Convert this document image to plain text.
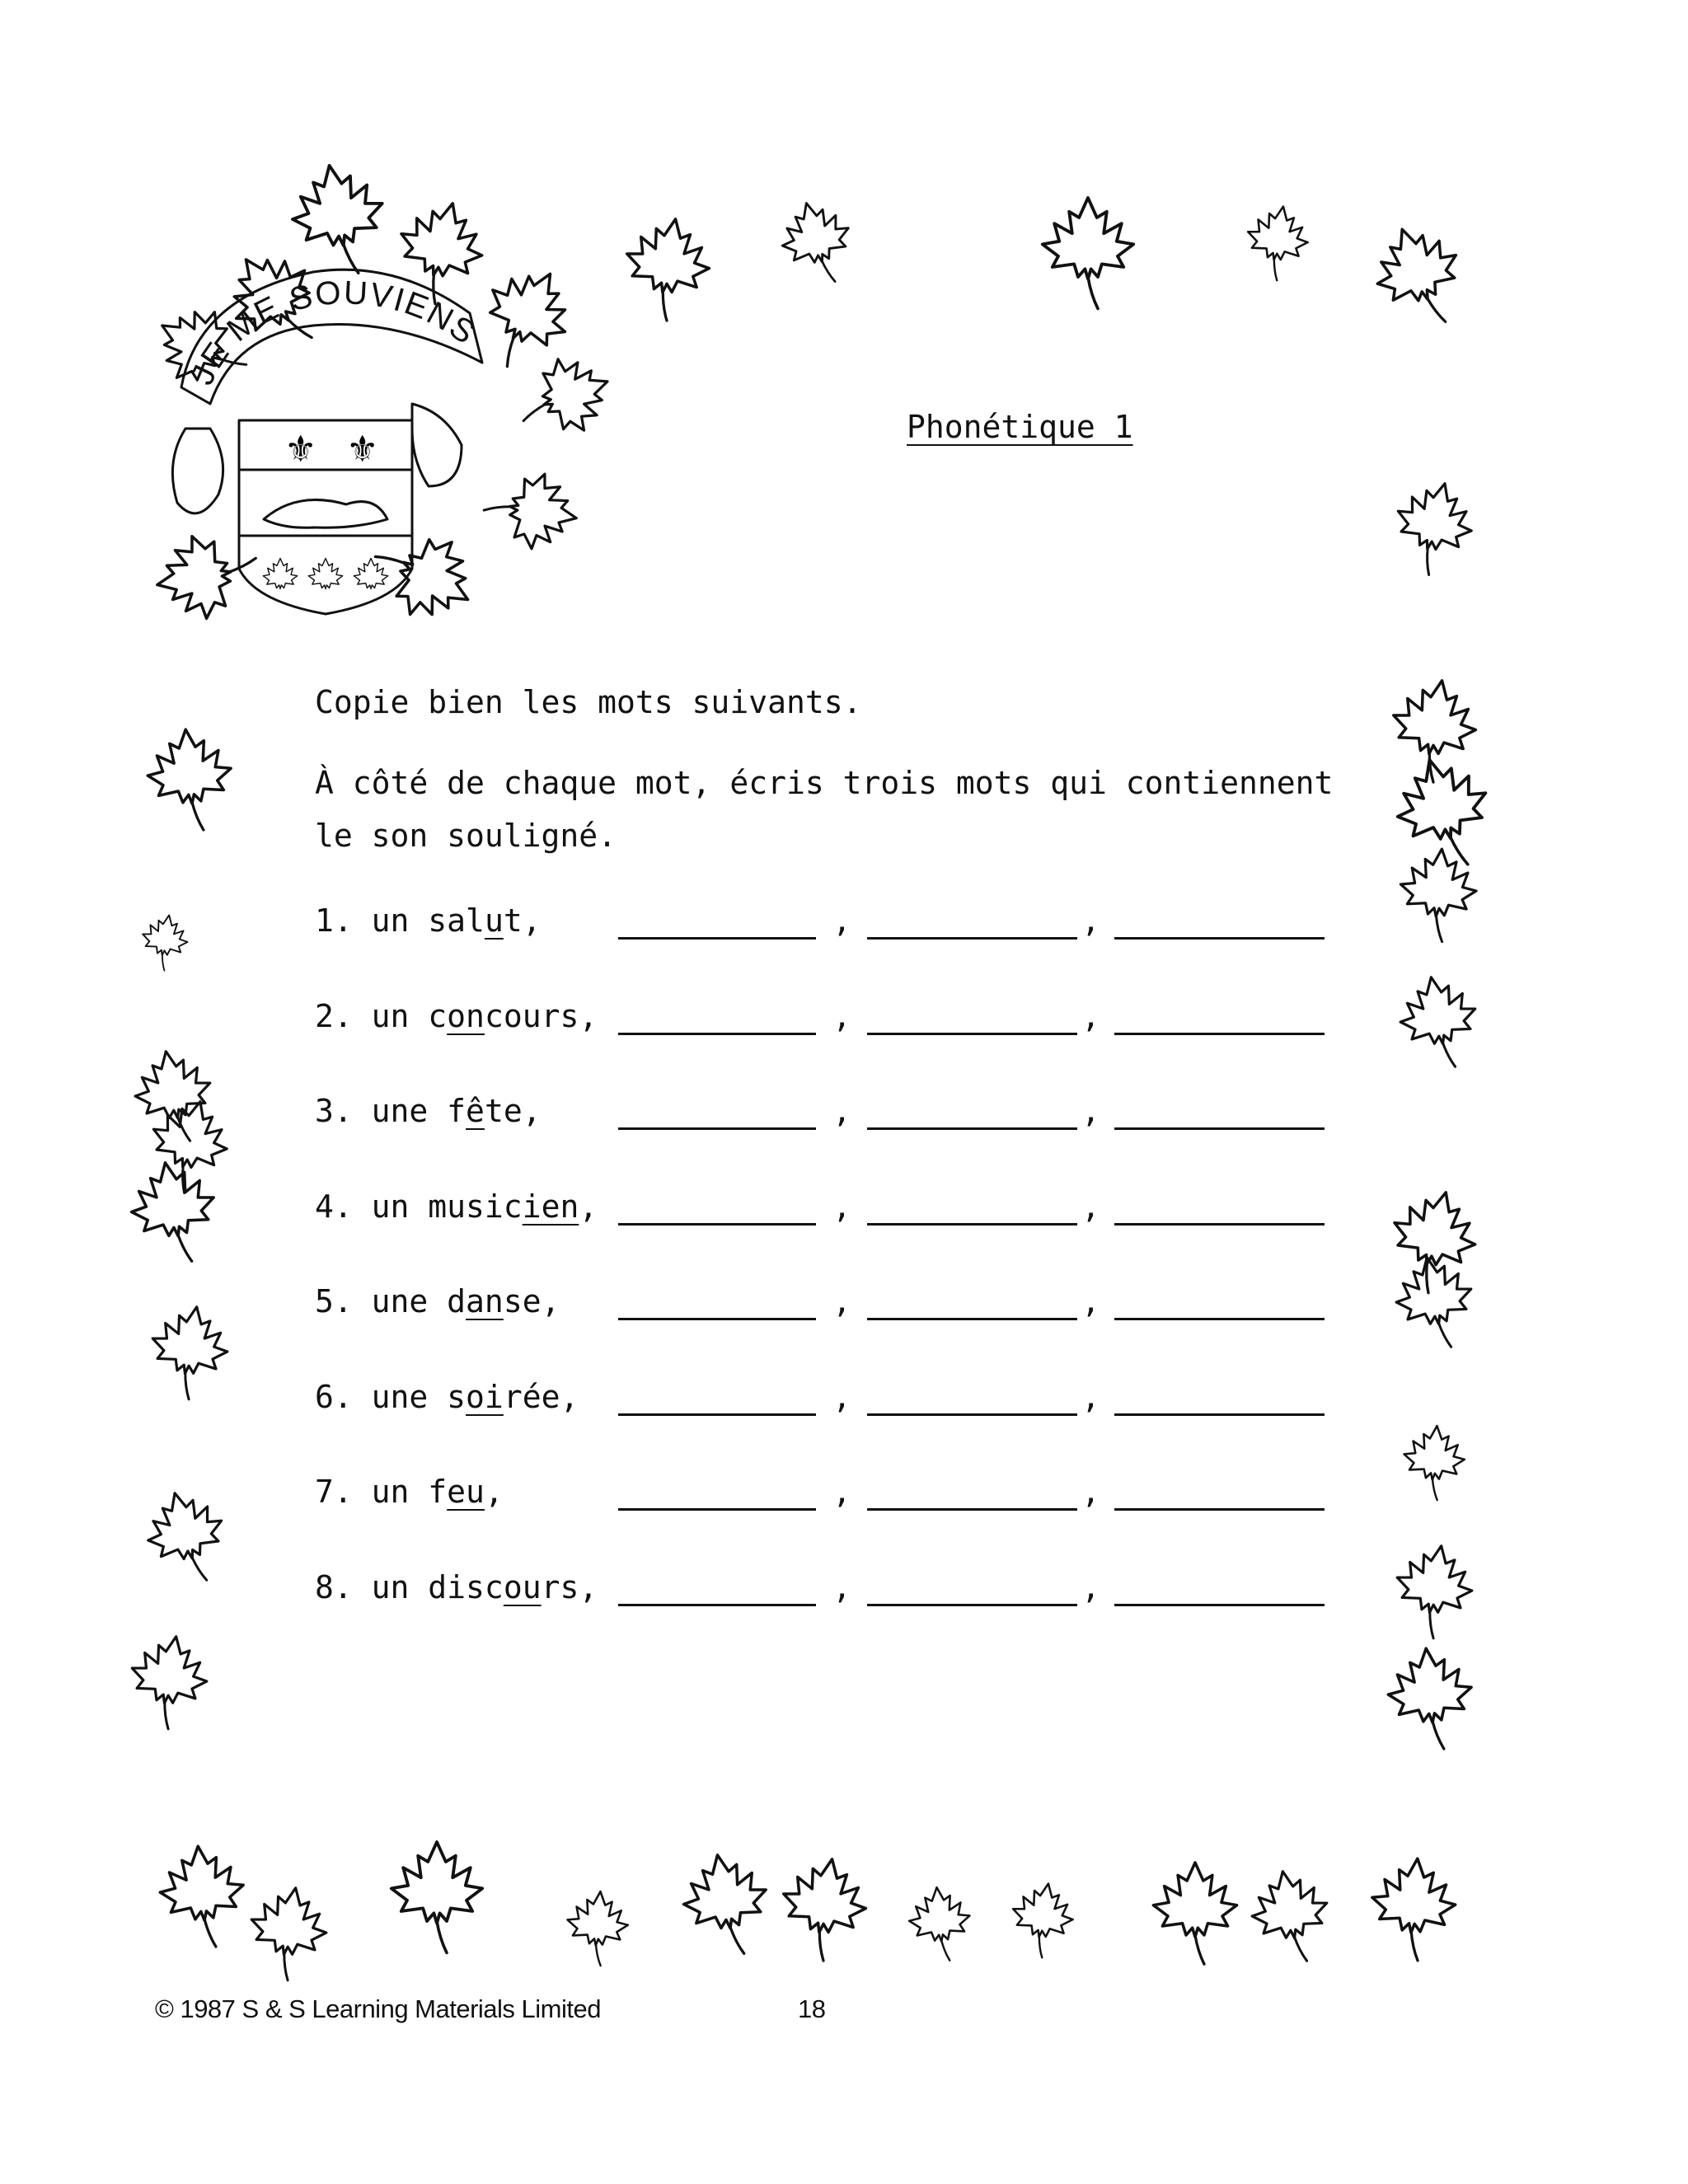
JE ME SOUVIENS
⚜ ⚜
Phonétique 1
Copie bien les mots suivants.
À côté de chaque mot, écris trois mots qui contiennent le son souligné.
1. un salut,	,	,
2. un concours,	,	,
3. une fête,	,	,
4. un musicien,	,	,
5. une danse,	,	,
6. une soirée,	,	,
7. un feu,	,	,
8. un discours,	,	,
© 1987 S & S Learning Materials Limited	18
